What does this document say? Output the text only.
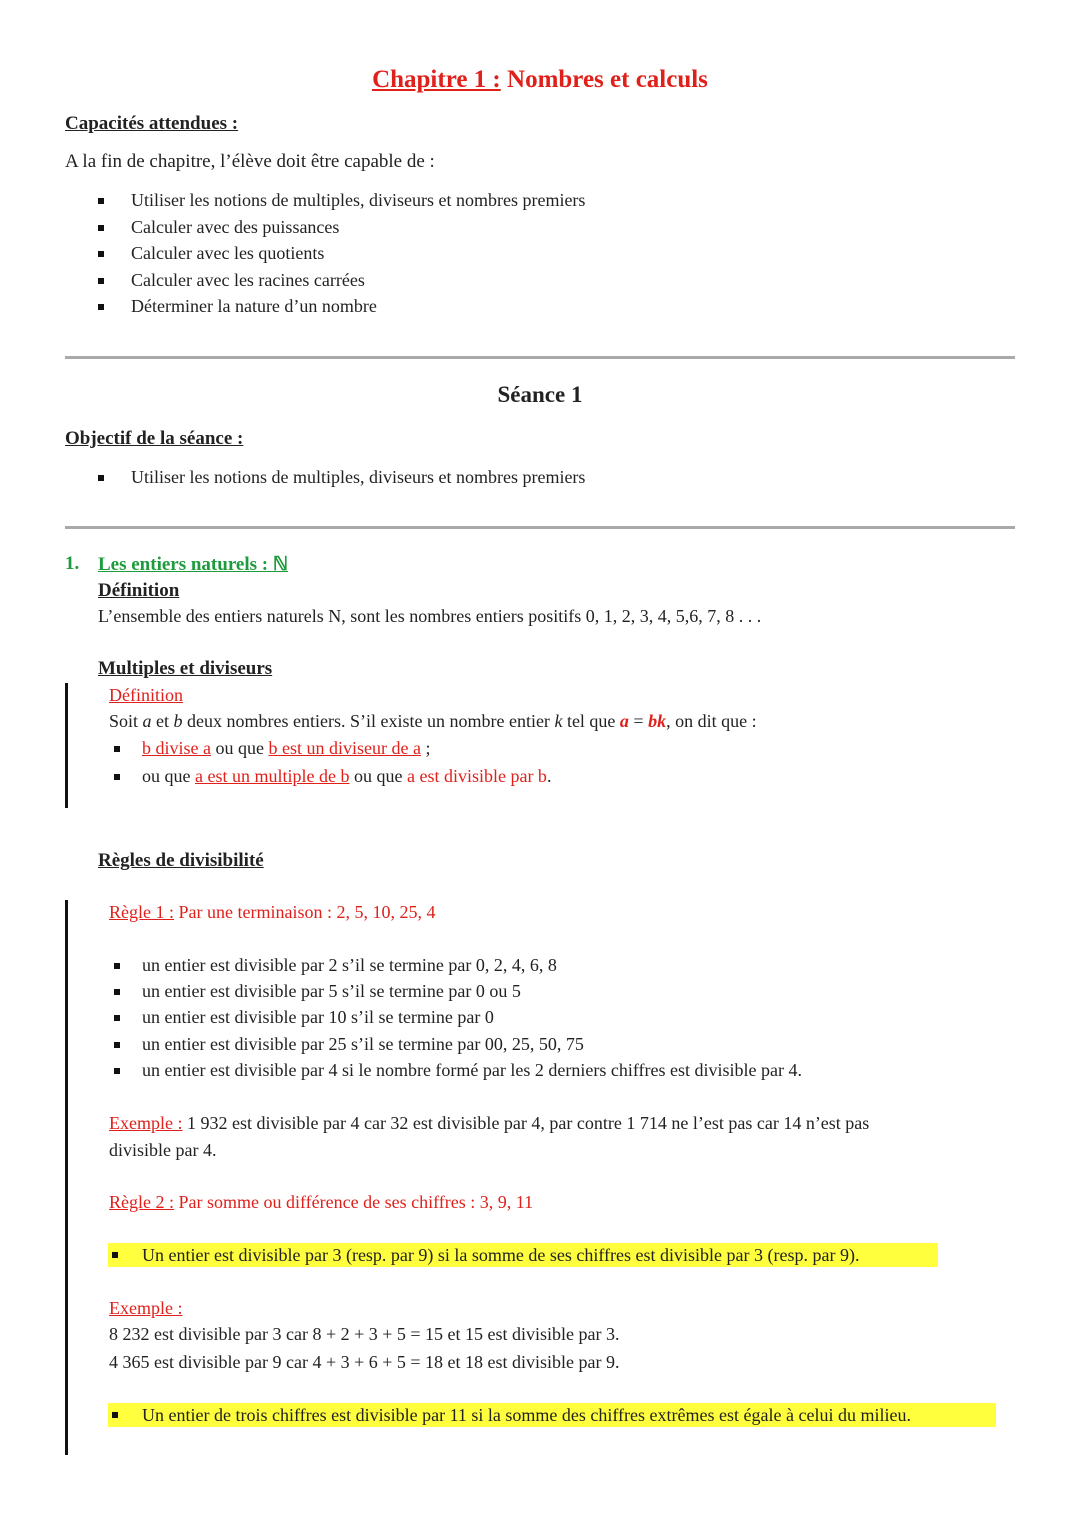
Chapitre 1 : Nombres et calculs
Capacités attendues :
A la fin de chapitre, l’élève doit être capable de :
Utiliser les notions de multiples, diviseurs et nombres premiers
Calculer avec des puissances
Calculer avec les quotients
Calculer avec les racines carrées
Déterminer la nature d’un nombre
Séance 1
Objectif de la séance :
Utiliser les notions de multiples, diviseurs et nombres premiers
1. Les entiers naturels : ℕ
Définition
L’ensemble des entiers naturels N, sont les nombres entiers positifs 0, 1, 2, 3, 4, 5,6, 7, 8 . . .
Multiples et diviseurs
Définition
Soit a et b deux nombres entiers. S’il existe un nombre entier k tel que a = bk, on dit que :
b divise a ou que b est un diviseur de a ;
ou que a est un multiple de b ou que a est divisible par b.
Règles de divisibilité
Règle 1 : Par une terminaison : 2, 5, 10, 25, 4
un entier est divisible par 2 s’il se termine par 0, 2, 4, 6, 8
un entier est divisible par 5 s’il se termine par 0 ou 5
un entier est divisible par 10 s’il se termine par 0
un entier est divisible par 25 s’il se termine par 00, 25, 50, 75
un entier est divisible par 4 si le nombre formé par les 2 derniers chiffres est divisible par 4.
Exemple : 1 932 est divisible par 4 car 32 est divisible par 4, par contre 1 714 ne l’est pas car 14 n’est pas
divisible par 4.
Règle 2 : Par somme ou différence de ses chiffres : 3, 9, 11
Un entier est divisible par 3 (resp. par 9) si la somme de ses chiffres est divisible par 3 (resp. par 9).
Exemple :
8 232 est divisible par 3 car 8 + 2 + 3 + 5 = 15 et 15 est divisible par 3.
4 365 est divisible par 9 car 4 + 3 + 6 + 5 = 18 et 18 est divisible par 9.
Un entier de trois chiffres est divisible par 11 si la somme des chiffres extrêmes est égale à celui du milieu.
